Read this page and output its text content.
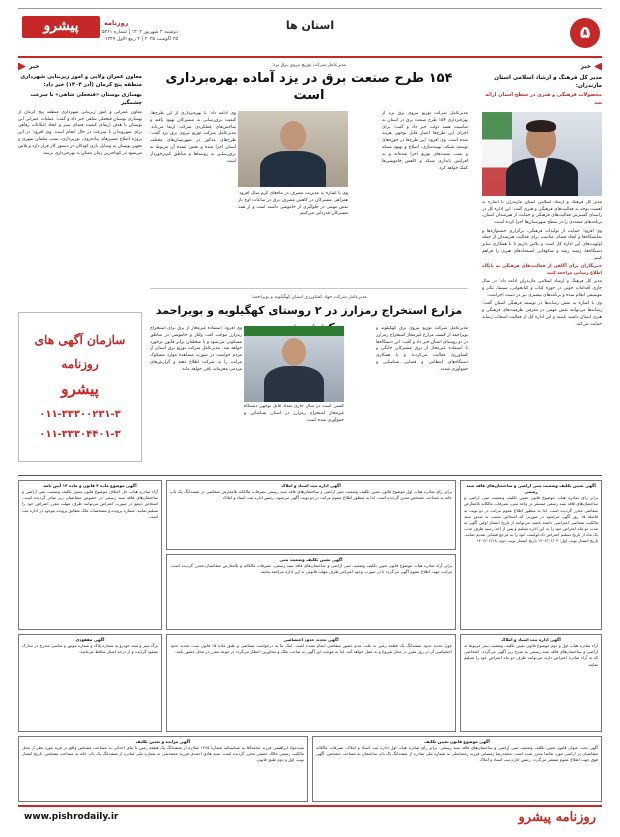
۵
استان ها
پیشرو	روزنامه
دوشنبه ۳ شهریور ۱۴۰۴ | شماره ۵۳۶۱
۲۵ اگوست ۲۰۲۵ | ۲ ربیع الاول ۱۴۴۷
خبر
خبر
مدیر کل فرهنگ و ارشاد اسلامی استان مازندران:
محصولات فرهنگی و هنری در سطح استان ارائه شد

مدیر کل فرهنگ و ارشاد اسلامی استان مازندران با اشاره به اهمیت توجه به فعالیت‌های فرهنگی و هنری گفت: این اداره کل در راستای گسترش فعالیت‌های فرهنگی و حمایت از هنرمندان استان، برنامه‌های متعددی را در سطح شهرستان‌ها اجرا کرده است.

وی افزود: حمایت از تولیدات فرهنگی، برگزاری جشنواره‌ها و نمایشگاه‌ها و ایجاد فضای مناسب برای فعالیت هنرمندان از جمله اولویت‌های این اداره کل است و تلاش داریم تا با همکاری سایر دستگاه‌ها، زمینه رشد و شکوفایی استعدادهای هنری را فراهم کنیم.

خبرنگاران برای آگاهی از فعالیت‌های فرهنگی به پایگاه اطلاع رسانی مراجعه کنند

مدیر کل فرهنگ و ارشاد اسلامی مازندران ادامه داد: در سال جاری اقدامات خوبی در حوزه کتاب و کتابخوانی، سینما، تئاتر و موسیقی انجام شده و برنامه‌های بیشتری نیز در دست اجراست.

وی با اشاره به نقش رسانه‌ها در توسعه فرهنگی استان گفت: رسانه‌ها می‌توانند نقش مهمی در معرفی ظرفیت‌های فرهنگی و هنری استان داشته باشند و این اداره کل از فعالیت اصحاب رسانه حمایت می‌کند.

مدیرعامل شرکت توزیع نیروی برق یزد:
۱۵۴ طرح صنعت برق در یزد آماده بهره‌برداری است
مدیرعامل شرکت توزیع نیروی برق یزد از بهره‌برداری ۱۵۴ طرح صنعت برق در استان به مناسبت هفته دولت خبر داد و گفت: برای اجرای این طرح‌ها اعتبار قابل توجهی هزینه شده است. وی افزود: این طرح‌ها در حوزه‌های توسعه شبکه، بهینه‌سازی، اصلاح و بهبود شبکه و نصب پست‌های توزیع اجرا شده‌اند و به افزایش پایداری شبکه و کاهش خاموشی‌ها کمک خواهد کرد.
وی با اشاره به مدیریت مصرف در ماه‌های گرم سال افزود: همراهی مشترکان در کاهش مصرف برق در ساعات اوج بار نقش مهمی در جلوگیری از خاموشی داشته است و از همه مشترکان قدردانی می‌کنیم.
وی ادامه داد: با بهره‌برداری از این طرح‌ها، کیفیت برق‌رسانی به مشترکان بهبود یافته و شاخص‌های عملکردی شرکت ارتقا می‌یابد. مدیرعامل شرکت توزیع نیروی برق یزد گفت: طرح‌های مذکور در شهرستان‌های مختلف استان اجرا شده و بخش عمده آن مربوط به برق‌رسانی به روستاها و مناطق کم‌برخوردار است.
مدیرعامل شرکت جهاد کشاورزی استان کهگیلویه و بویراحمد:
مزارع استخراج رمزارز در ۲ روستای کهگیلویه و بویراحمد
مدیرعامل شرکت توزیع نیروی برق کهگیلویه و بویراحمد از کشف مزارع غیرمجاز استخراج رمزارز در دو روستای استان خبر داد و گفت: این دستگاه‌ها با استفاده غیرمجاز از برق مشترکان خانگی و کشاورزی فعالیت می‌کردند و با همکاری دستگاه‌های انتظامی و قضایی شناسایی و جمع‌آوری شدند.
گفتنی است در سال جاری تعداد قابل توجهی دستگاه غیرمجاز استخراج رمزارز در استان شناسایی و جمع‌آوری شده است.
وی افزود: استفاده غیرمجاز از برق برای استخراج رمزارز موجب افت ولتاژ و خاموشی در مناطق مسکونی می‌شود و با متخلفان برابر قانون برخورد خواهد شد. مدیرعامل شرکت توزیع برق استان از مردم خواست در صورت مشاهده موارد مشکوک مراتب را به شرکت اطلاع دهند و گزارش‌های مردمی محرمانه باقی خواهد ماند.
معاون عمران ولایی و امور زیربنایی شهرداری منطقه پنج کرمان (آذر ۱۴۰۴) خبر داد:
بهسازی بوستان «فتحعلی شاهی» با سرعت چشمگیر
معاون عمرانی و امور زیربنایی شهرداری منطقه پنج کرمان از بهسازی بوستان فتحعلی شاهی خبر داد و گفت: عملیات عمرانی این بوستان با هدف ارتقای کیفیت فضای سبز و ایجاد امکانات رفاهی برای شهروندان با سرعت در حال انجام است. وی افزود: در این پروژه اصلاح مسیرهای پیاده‌روی، نورپردازی، نصب مبلمان شهری و تجهیز بوستان به وسایل بازی کودکان در دستور کار قرار دارد و تلاش می‌شود در کوتاه‌ترین زمان ممکن به بهره‌برداری برسد.
سازمان آگهی های
روزنامه
پیشرو
۰۱۱-۳۳۳۰۰۲۳۱-۳
۰۱۱-۳۳۳۰۴۴۰۱-۳
آگهی تعیین تکلیف وضعیت ثبتی اراضی و ساختمان‌های فاقد سند رسمی
برابر رای صادره هیات موضوع قانون تعیین تکلیف وضعیت ثبتی اراضی و ساختمان‌های فاقد سند رسمی مستقر در واحد ثبتی، تصرفات مالکانه بلامعارض متقاضی محرز گردیده است. لذا به منظور اطلاع عموم مراتب در دو نوبت به فاصله ۱۵ روز آگهی می‌شود در صورتی که اشخاص نسبت به صدور سند مالکیت متقاضی اعتراضی داشته باشند می‌توانند از تاریخ انتشار اولین آگهی به مدت دو ماه اعتراض خود را به این اداره تسلیم و پس از اخذ رسید ظرف مدت یک ماه از تاریخ تسلیم اعتراض دادخواست خود را به مرجع قضایی تقدیم نمایند. تاریخ انتشار نوبت اول: ۱۴۰۴/۰۶/۰۳ تاریخ انتشار نوبت دوم: ۱۴۰۴/۰۶/۱۸
آگهی اداره ثبت اسناد و املاک
برابر رای صادره هیات اول موضوع قانون تعیین تکلیف وضعیت ثبتی اراضی و ساختمان‌های فاقد سند رسمی تصرفات مالکانه بلامعارض متقاضی در ششدانگ یک باب خانه به مساحت مشخص محرز گردیده است. لذا به منظور اطلاع عموم مراتب در دو نوبت آگهی می‌شود. رئیس اداره ثبت اسناد و املاک
آگهی موضوع ماده ۳ قانون و ماده ۱۳ آیین نامه
آراء صادره هیات حل اختلاف موضوع قانون تعیین تکلیف وضعیت ثبتی اراضی و ساختمان‌های فاقد سند رسمی در خصوص متقاضیان زیر صادر گردیده است. اشخاص ذینفع در صورت اعتراض می‌توانند ظرف مهلت مقرر اعتراض خود را تسلیم نمایند. شماره پرونده و مشخصات ملک مطابق پرونده موجود در اداره ثبت است.
آگهی تعیین تکلیف وضعیت ثبتی
برابر آراء صادره هیات موضوع قانون تعیین تکلیف وضعیت ثبتی اراضی و ساختمان‌های فاقد سند رسمی، تصرفات مالکانه و بلامعارض متقاضیان محرز گردیده است. مراتب جهت اطلاع عموم آگهی می‌گردد تا در صورت وجود اعتراض ظرف مهلت قانونی به این اداره مراجعه نمایند.
آگهی اداره ثبت اسناد و املاک
آراء صادره هیات اول و دوم موضوع قانون تعیین تکلیف وضعیت ثبتی مربوط به اراضی و ساختمان‌های فاقد سند رسمی به شرح زیر آگهی می‌گردد. اشخاصی که به آراء صادره اعتراض دارند می‌توانند ظرف دو ماه اعتراض خود را تسلیم نمایند.
آگهی تحدید حدود اختصاصی
چون تحدید حدود ششدانگ یک قطعه زمین به علت عدم حضور متقاضی انجام نشده است، اینک بنا به درخواست متقاضی و طبق ماده ۱۵ قانون ثبت، تحدید حدود اختصاصی آن در روز مقرر در محل شروع و به عمل خواهد آمد. لذا به موجب این آگهی به صاحب ملک و مجاورین اخطار می‌گردد در موعد مقرر در محل حضور یابند.
آگهی مفقودی
برگ سبز و سند خودرو به شماره پلاک و شماره موتور و شاسی مندرج در مدارک مفقود گردیده و از درجه اعتبار ساقط می‌باشد.
آگهی موضوع قانون تعیین تکلیف
آگهی تحت عنوان قانون تعیین تکلیف وضعیت ثبتی اراضی و ساختمان‌های فاقد سند رسمی. برابر رای صادره هیات اول اداره ثبت اسناد و املاک، تصرفات مالکانه متقاضیان در اراضی مورد تقاضا محرز شده است. محمدرضا رمضانی فرزند رمضانعلی به شماره ملی صادره از ششدانگ یک باب ساختمان به مساحت مشخص. آگهی فوق جهت اطلاع عموم منتشر می‌گردد. رئیس اداره ثبت اسناد و املاک
آگهی مزایده و تعیین تکلیف
سیدجواد ابراهیمی فرزند محمدآقا به شناسنامه شماره ۱۴۶۵ صادره از ششدانگ یک قطعه زمین با بنای احداثی به مساحت مشخص واقع در قریه مورد نظر از محل مالکیت رسمی مالک حقیقی محرز گردیده است. سید هادی احمدی فرزند محمدتقی به شماره ملی صادره از ششدانگ یک باب خانه به مساحت مشخص. تاریخ انتشار نوبت اول و دوم طبق قانون.
روزنامه پیشرو
www.pishrodaily.ir
